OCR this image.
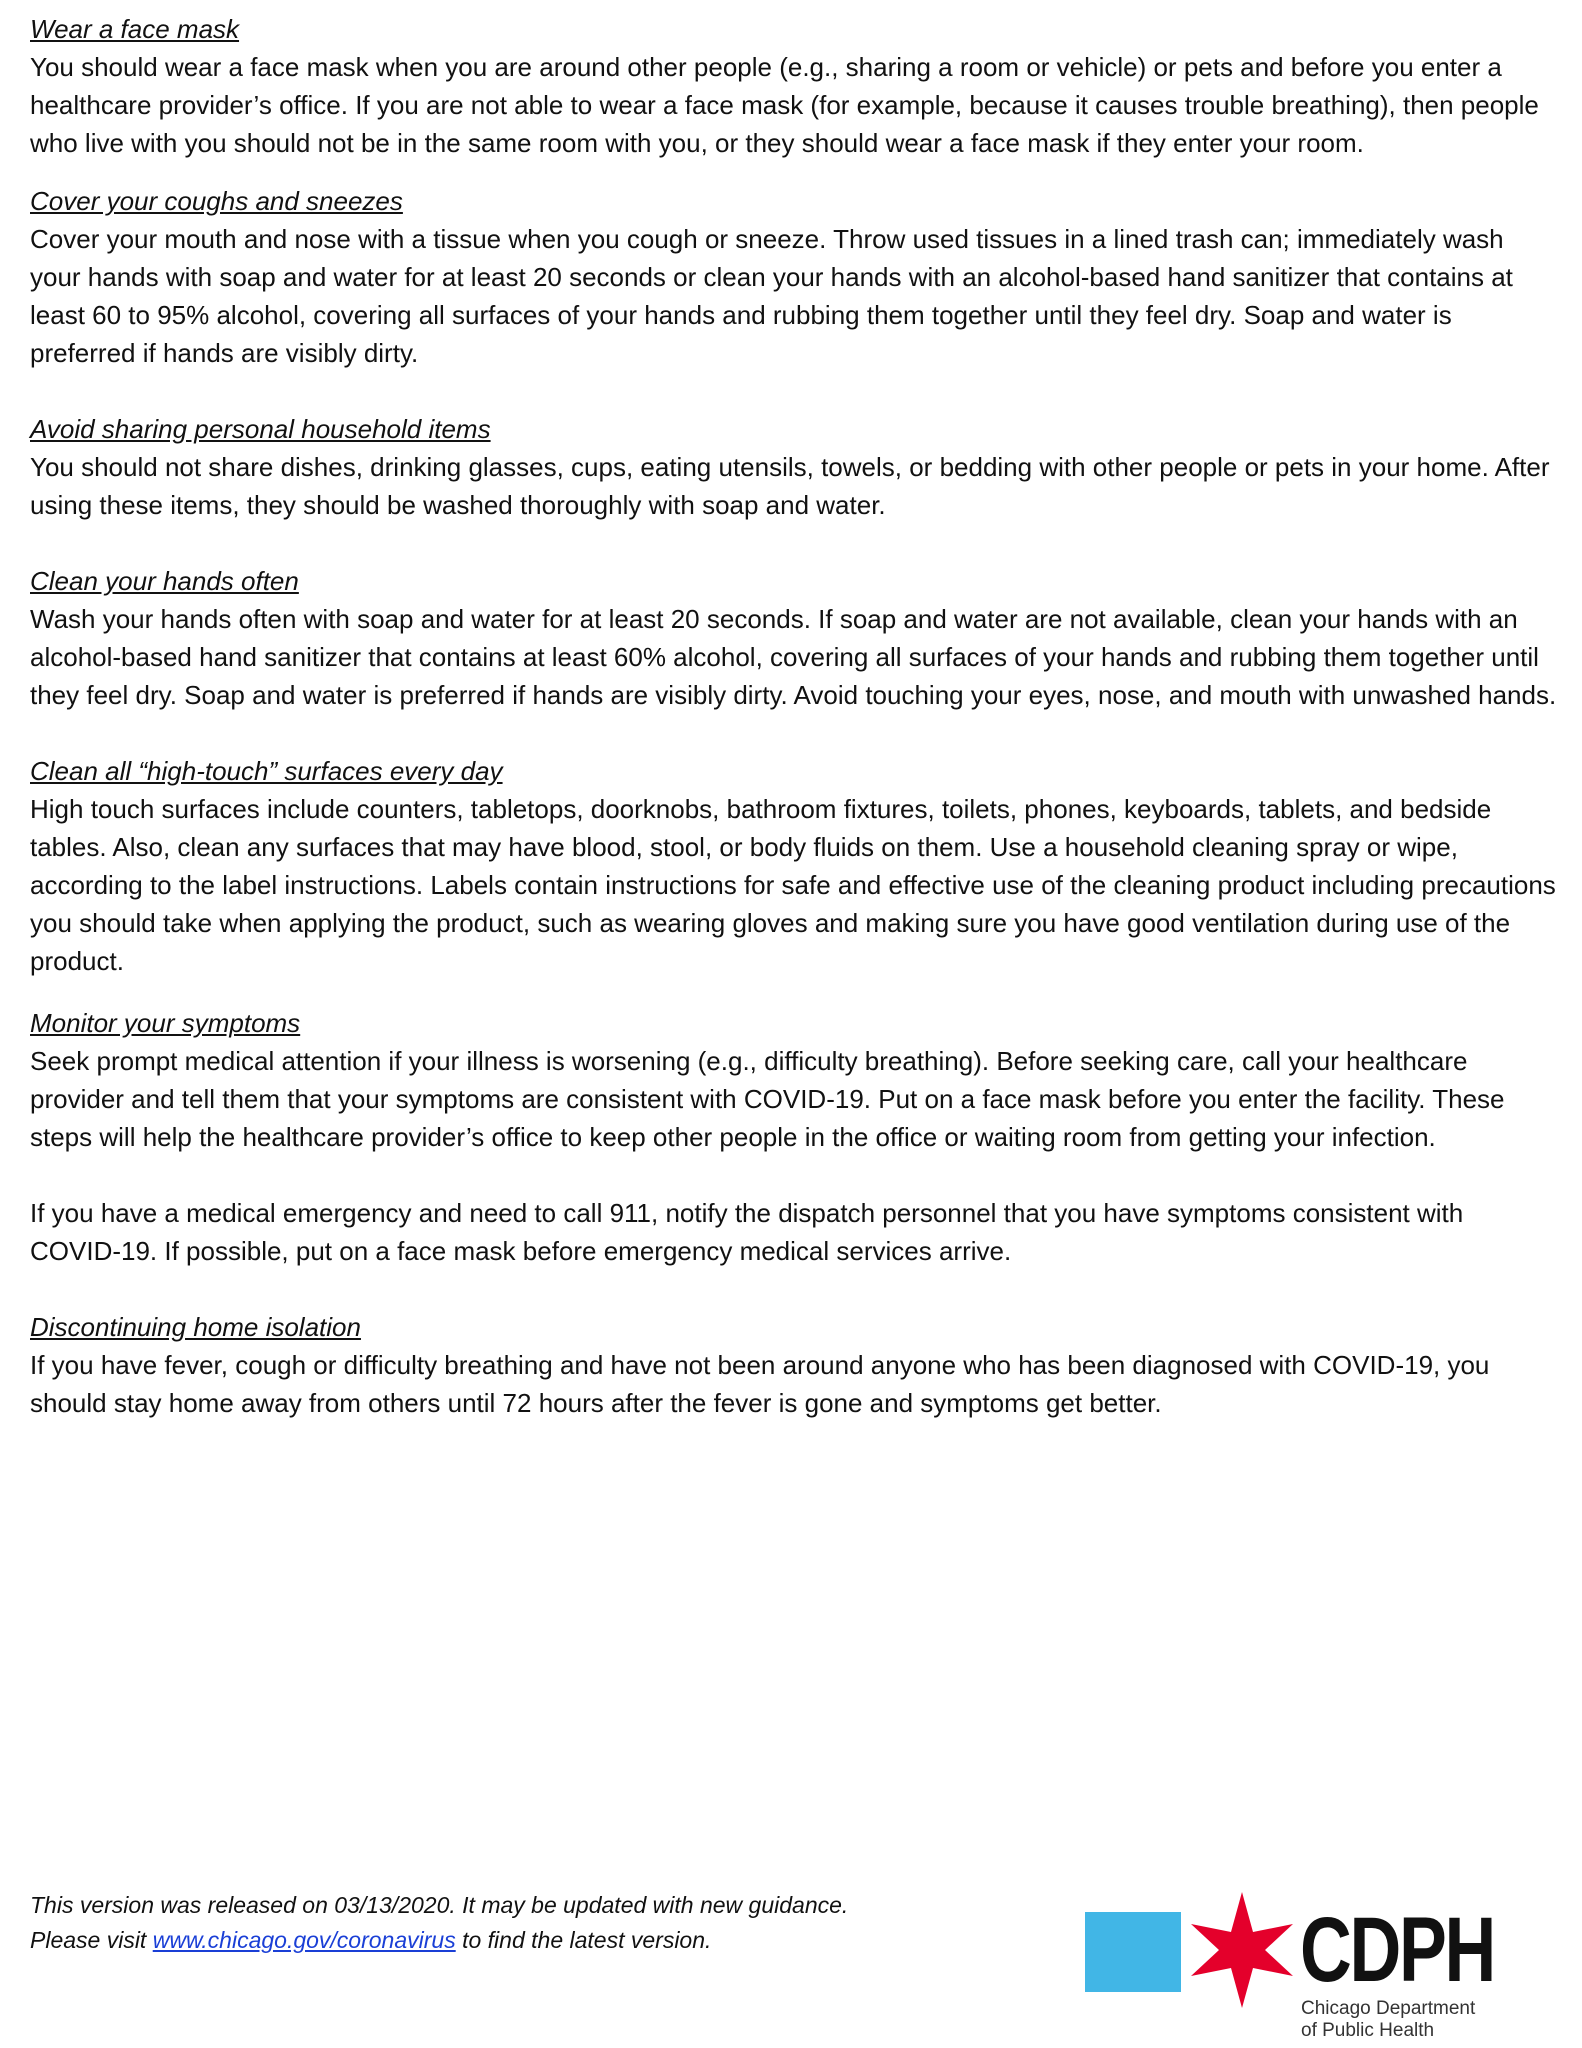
Wear a face mask

You should wear a face mask when you are around other people (e.g., sharing a room or vehicle) or pets and before you enter a healthcare provider’s office. If you are not able to wear a face mask (for example, because it causes trouble breathing), then people who live with you should not be in the same room with you, or they should wear a face mask if they enter your room.

Cover your coughs and sneezes

Cover your mouth and nose with a tissue when you cough or sneeze. Throw used tissues in a lined trash can; immediately wash your hands with soap and water for at least 20 seconds or clean your hands with an alcohol-based hand sanitizer that contains at least 60 to 95% alcohol, covering all surfaces of your hands and rubbing them together until they feel dry. Soap and water is preferred if hands are visibly dirty.

Avoid sharing personal household items

You should not share dishes, drinking glasses, cups, eating utensils, towels, or bedding with other people or pets in your home. After using these items, they should be washed thoroughly with soap and water.

Clean your hands often

Wash your hands often with soap and water for at least 20 seconds. If soap and water are not available, clean your hands with an alcohol-based hand sanitizer that contains at least 60% alcohol, covering all surfaces of your hands and rubbing them together until they feel dry. Soap and water is preferred if hands are visibly dirty. Avoid touching your eyes, nose, and mouth with unwashed hands.

Clean all “high-touch” surfaces every day

High touch surfaces include counters, tabletops, doorknobs, bathroom fixtures, toilets, phones, keyboards, tablets, and bedside tables. Also, clean any surfaces that may have blood, stool, or body fluids on them. Use a household cleaning spray or wipe, according to the label instructions. Labels contain instructions for safe and effective use of the cleaning product including precautions you should take when applying the product, such as wearing gloves and making sure you have good ventilation during use of the product.

Monitor your symptoms

Seek prompt medical attention if your illness is worsening (e.g., difficulty breathing). Before seeking care, call your healthcare provider and tell them that your symptoms are consistent with COVID-19. Put on a face mask before you enter the facility. These steps will help the healthcare provider’s office to keep other people in the office or waiting room from getting your infection.

If you have a medical emergency and need to call 911, notify the dispatch personnel that you have symptoms consistent with COVID-19. If possible, put on a face mask before emergency medical services arrive.

Discontinuing home isolation

If you have fever, cough or difficulty breathing and have not been around anyone who has been diagnosed with COVID-19, you should stay home away from others until 72 hours after the fever is gone and symptoms get better.

This version was released on 03/13/2020. It may be updated with new guidance.
Please visit www.chicago.gov/coronavirus to find the latest version.	CDPH
Chicago Department
of Public Health
